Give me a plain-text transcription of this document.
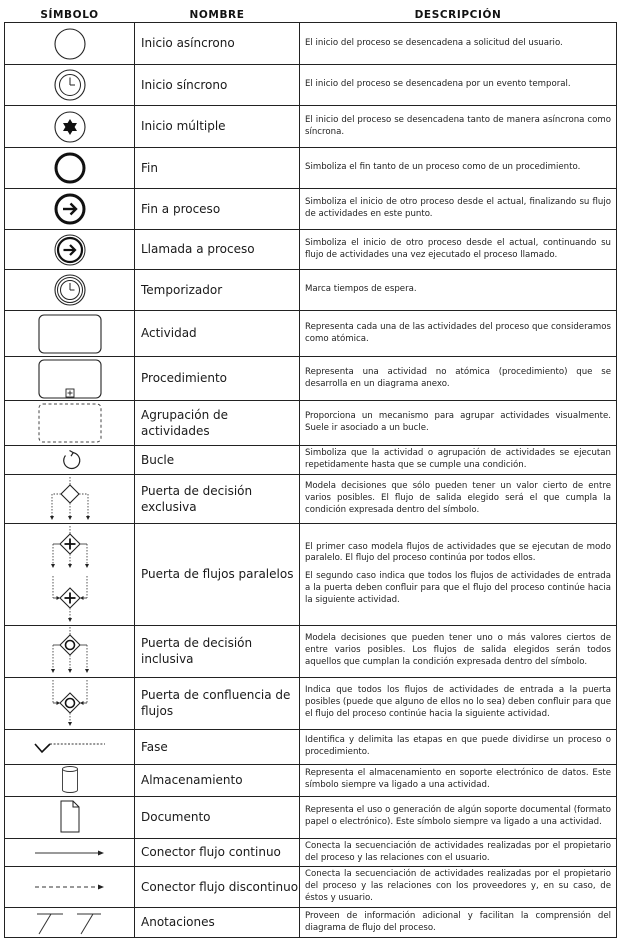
SÍMBOLO	NOMBRE	DESCRIPCIÓN

	Inicio asíncrono	El inicio del proceso se desencadena a solicitud del usuario.

	Inicio síncrono	El inicio del proceso se desencadena por un evento temporal.

	Inicio múltiple	El inicio del proceso se desencadena tanto de manera asíncrona como síncrona.

	Fin	Simboliza el fin tanto de un proceso como de un procedimiento.

	Fin a proceso	Simboliza el inicio de otro proceso desde el actual, finalizando su flujo de actividades en este punto.

	Llamada a proceso	Simboliza el inicio de otro proceso desde el actual, continuando su flujo de actividades una vez ejecutado el proceso llamado.

	Temporizador	Marca tiempos de espera.

	Actividad	Representa cada una de las actividades del proceso que consideramos como atómica.

	Procedimiento	Representa una actividad no atómica (procedimiento) que se desarrolla en un diagrama anexo.

	Agrupación de actividades	Proporciona un mecanismo para agrupar actividades visualmente. Suele ir asociado a un bucle.

	Bucle	Simboliza que la actividad o agrupación de actividades se ejecutan repetidamente hasta que se cumple una condición.

	Puerta de decisión exclusiva	Modela decisiones que sólo pueden tener un valor cierto de entre varios posibles. El flujo de salida elegido será el que cumpla la condición expresada dentro del símbolo.

	Puerta de flujos paralelos	El primer caso modela flujos de actividades que se ejecutan de modo paralelo. El flujo del proceso continúa por todos ellos.

El segundo caso indica que todos los flujos de actividades de entrada a la puerta deben confluir para que el flujo del proceso continúe hacia la siguiente actividad.

	Puerta de decisión inclusiva	Modela decisiones que pueden tener uno o más valores ciertos de entre varios posibles. Los flujos de salida elegidos serán todos aquellos que cumplan la condición expresada dentro del símbolo.

	Puerta de confluencia de flujos	Indica que todos los flujos de actividades de entrada a la puerta posibles (puede que alguno de ellos no lo sea) deben confluir para que el flujo del proceso continúe hacia la siguiente actividad.

	Fase	Identifica y delimita las etapas en que puede dividirse un proceso o procedimiento.

	Almacenamiento	Representa el almacenamiento en soporte electrónico de datos. Este símbolo siempre va ligado a una actividad.

	Documento	Representa el uso o generación de algún soporte documental (formato papel o electrónico). Este símbolo siempre va ligado a una actividad.

	Conector flujo continuo	Conecta la secuenciación de actividades realizadas por el propietario del proceso y las relaciones con el usuario.

	Conector flujo discontinuo	Conecta la secuenciación de actividades realizadas por el propietario del proceso y las relaciones con los proveedores y, en su caso, de éstos y usuario.

	Anotaciones	Proveen de información adicional y facilitan la comprensión del diagrama de flujo del proceso.
